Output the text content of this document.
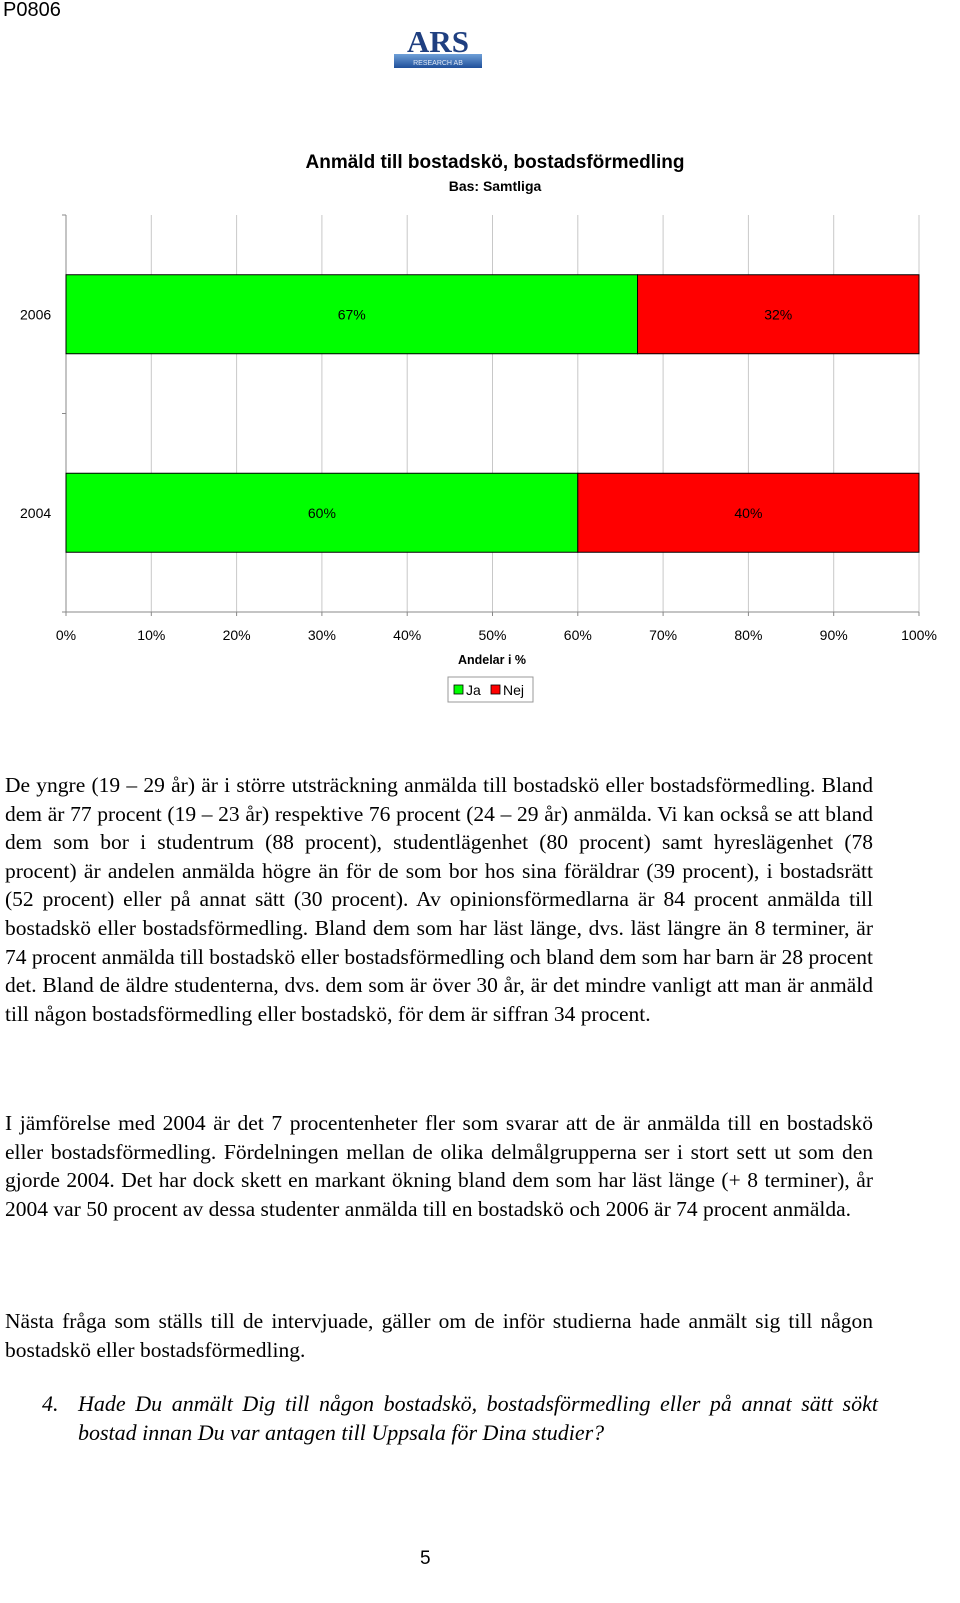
P0806
ARS
RESEARCH AB
Anmäld till bostadskö, bostadsförmedling
Bas: Samtliga
0%	10%	20%	30%	40%	50%	60%	70%	80%	90%	100%
2006
2004
67%	32%
60%	40%
Andelar i %
Ja Nej
De yngre (19 – 29 år) är i större utsträckning anmälda till bostadskö eller bostadsförmedling. Bland dem är 77 procent (19 – 23 år) respektive 76 procent (24 – 29 år) anmälda. Vi kan också se att bland dem som bor i studentrum (88 procent), studentlägenhet (80 procent) samt hyreslägenhet (78 procent) är andelen anmälda högre än för de som bor hos sina föräldrar (39 procent), i bostadsrätt (52 procent) eller på annat sätt (30 procent). Av opinionsförmedlarna är 84 procent anmälda till bostadskö eller bostadsförmedling. Bland dem som har läst länge, dvs. läst längre än 8 terminer, är 74 procent anmälda till bostadskö eller bostadsförmedling och bland dem som har barn är 28 procent det. Bland de äldre studenterna, dvs. dem som är över 30 år, är det mindre vanligt att man är anmäld till någon bostadsförmedling eller bostadskö, för dem är siffran 34 procent.
I jämförelse med 2004 är det 7 procentenheter fler som svarar att de är anmälda till en bostadskö eller bostadsförmedling. Fördelningen mellan de olika delmålgrupperna ser i stort sett ut som den gjorde 2004. Det har dock skett en markant ökning bland dem som har läst länge (+ 8 terminer), år 2004 var 50 procent av dessa studenter anmälda till en bostadskö och 2006 är 74 procent anmälda.
Nästa fråga som ställs till de intervjuade, gäller om de inför studierna hade anmält sig till någon bostadskö eller bostadsförmedling.
4. Hade Du anmält Dig till någon bostadskö, bostadsförmedling eller på annat sätt sökt bostad innan Du var antagen till Uppsala för Dina studier?
5
